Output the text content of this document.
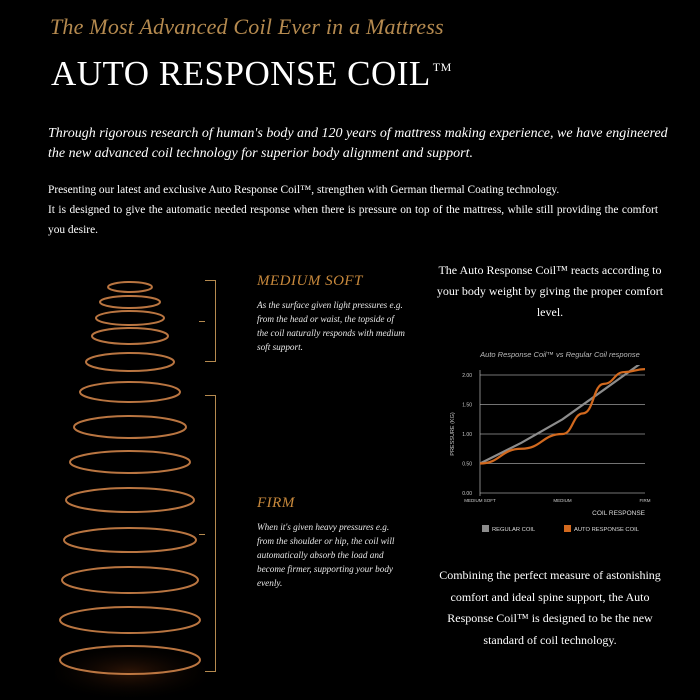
The Most Advanced Coil Ever in a Mattress
AUTO RESPONSE COIL ™
Through rigorous research of human's body and 120 years of mattress making experience, we have engineered the new advanced coil technology for superior body alignment and support.

Presenting our latest and exclusive Auto Response Coil™, strengthen with German thermal Coating technology.

It is designed to give the automatic needed response when there is pressure on top of the mattress, while still providing the comfort you desire.

MEDIUM SOFT
As the surface given light pressures e.g. from the head or waist, the topside of the coil naturally responds with medium soft support.
FIRM
When it's given heavy pressures e.g. from the shoulder or hip, the coil will automatically absorb the load and become firmer, supporting your body evenly.
The Auto Response Coil™ reacts according to your body weight by giving the proper comfort level.
Auto Response Coil™ vs Regular Coil response
0.00
0.50
1.00
1.50
2.00
PRESSURE (KG)
MEDIUM SOFT	MEDIUM	FIRM
COIL RESPONSE
REGULAR COIL	AUTO RESPONSE COIL
Combining the perfect measure of astonishing comfort and ideal spine support, the Auto Response Coil™ is designed to be the new standard of coil technology.
